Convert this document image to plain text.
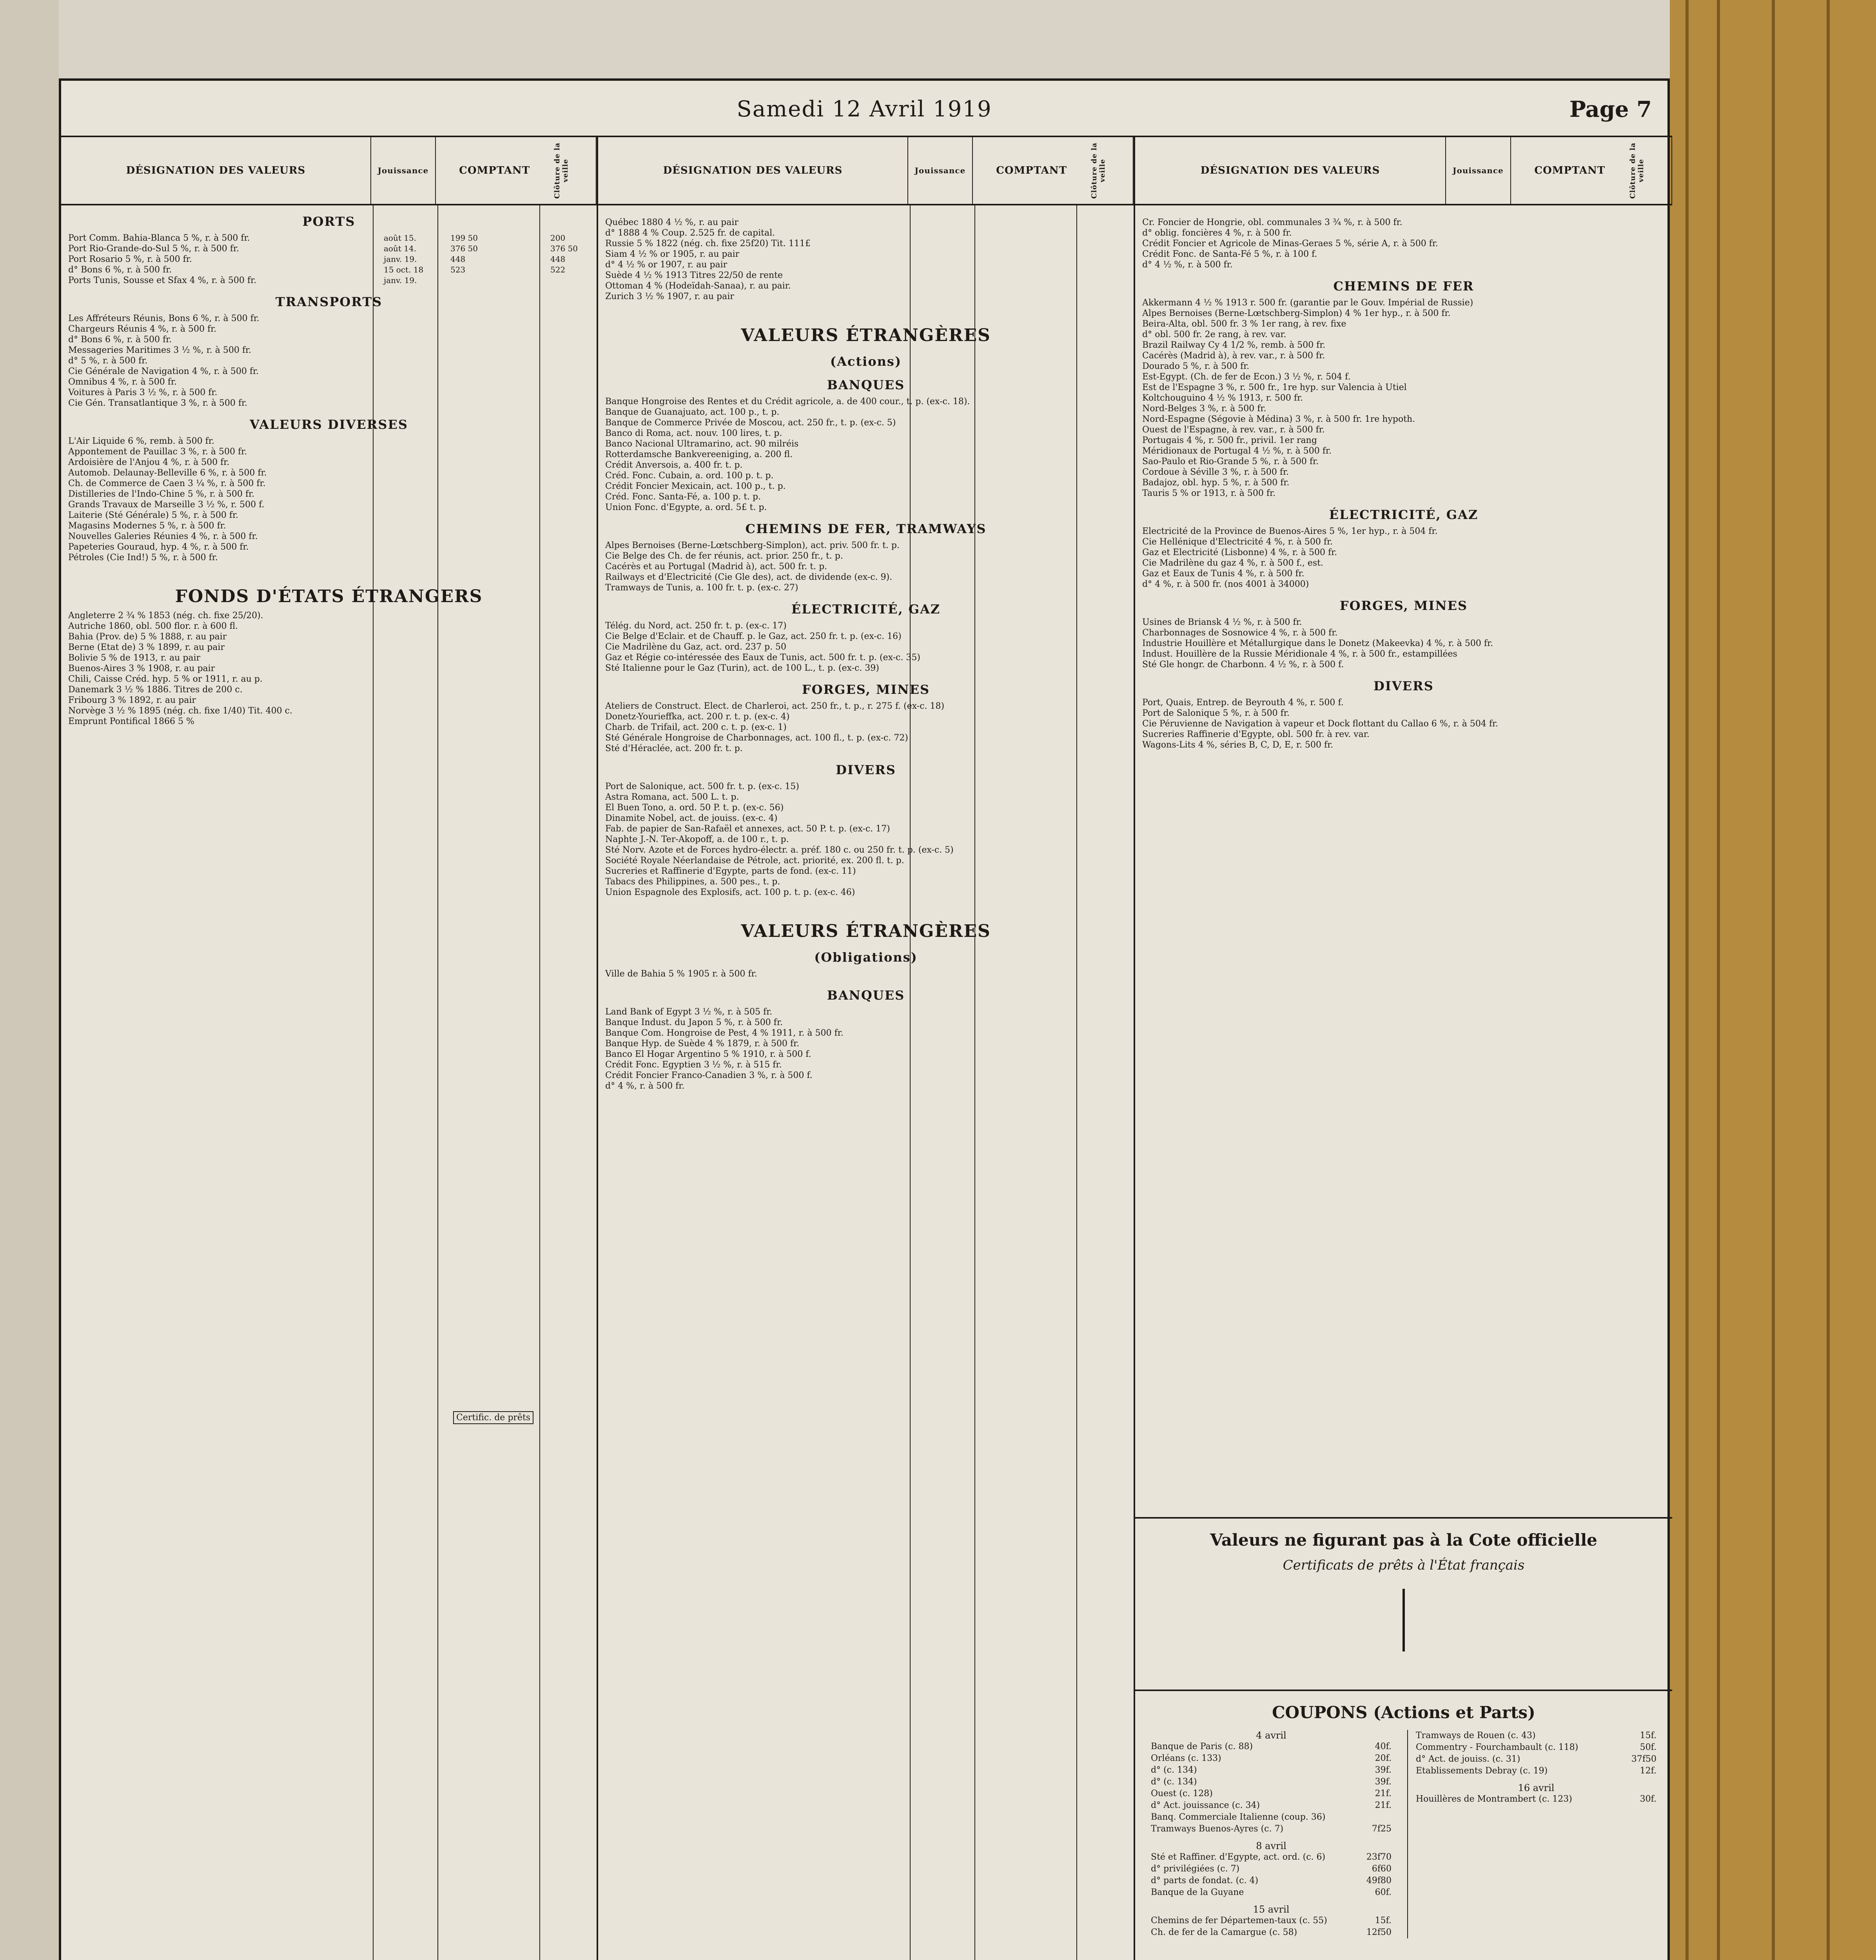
Samedi 12 Avril 1919	Page 7
DÉSIGNATION DES VALEURS	Jouissance	COMPTANT	Clôture de la veille
PORTS
Port Comm. Bahia-Blanca 5 %, r. à 500 fr.	août 15.	199 50	200
Port Rio-Grande-do-Sul 5 %, r. à 500 fr.	août 14.	376 50	376 50
Port Rosario 5 %, r. à 500 fr.	janv. 19.	448	448
d° Bons 6 %, r. à 500 fr.	15 oct. 18	523	522
Ports Tunis, Sousse et Sfax 4 %, r. à 500 fr.	janv. 19.
TRANSPORTS
Les Affréteurs Réunis, Bons 6 %, r. à 500 fr.
Chargeurs Réunis 4 %, r. à 500 fr.
d° Bons 6 %, r. à 500 fr.
Messageries Maritimes 3 ½ %, r. à 500 fr.
d° 5 %, r. à 500 fr.
Cie Générale de Navigation 4 %, r. à 500 fr.
Omnibus 4 %, r. à 500 fr.
Voitures à Paris 3 ½ %, r. à 500 fr.
Cie Gén. Transatlantique 3 %, r. à 500 fr.
VALEURS DIVERSES
L'Air Liquide 6 %, remb. à 500 fr.
Appontement de Pauillac 3 %, r. à 500 fr.
Ardoisière de l'Anjou 4 %, r. à 500 fr.
Automob. Delaunay-Belleville 6 %, r. à 500 fr.
Ch. de Commerce de Caen 3 ¼ %, r. à 500 fr.
Distilleries de l'Indo-Chine 5 %, r. à 500 fr.
Grands Travaux de Marseille 3 ½ %, r. 500 f.
Laiterie (Sté Générale) 5 %, r. à 500 fr.
Magasins Modernes 5 %, r. à 500 fr.
Nouvelles Galeries Réunies 4 %, r. à 500 fr.
Papeteries Gouraud, hyp. 4 %, r. à 500 fr.
Pétroles (Cie Ind!) 5 %, r. à 500 fr.
FONDS D'ÉTATS ÉTRANGERS
Angleterre 2 ¾ % 1853 (nég. ch. fixe 25/20).
Autriche 1860, obl. 500 flor. r. à 600 fl.
Bahia (Prov. de) 5 % 1888, r. au pair
Berne (Etat de) 3 % 1899, r. au pair
Bolivie 5 % de 1913, r. au pair
Buenos-Aires 3 % 1908, r. au pair
Chili, Caisse Créd. hyp. 5 % or 1911, r. au p.
Danemark 3 ½ % 1886. Titres de 200 c.
Fribourg 3 % 1892, r. au pair
Norvège 3 ½ % 1895 (nég. ch. fixe 1/40) Tit. 400 c.
Emprunt Pontifical 1866 5 %
Certific. de prêts
DÉSIGNATION DES VALEURS	Jouissance	COMPTANT	Clôture de la veille
Québec 1880 4 ½ %, r. au pair
d° 1888 4 % Coup. 2.525 fr. de capital.
Russie 5 % 1822 (nég. ch. fixe 25f20) Tit. 111£
Siam 4 ½ % or 1905, r. au pair
d° 4 ½ % or 1907, r. au pair
Suède 4 ½ % 1913 Titres 22/50 de rente
Ottoman 4 % (Hodeïdah-Sanaa), r. au pair.
Zurich 3 ½ % 1907, r. au pair
VALEURS ÉTRANGÈRES
(Actions)
BANQUES
Banque Hongroise des Rentes et du Crédit agricole, a. de 400 cour., t. p. (ex-c. 18).
Banque de Guanajuato, act. 100 p., t. p.
Banque de Commerce Privée de Moscou, act. 250 fr., t. p. (ex-c. 5)
Banco di Roma, act. nouv. 100 lires, t. p.
Banco Nacional Ultramarino, act. 90 milréis
Rotterdamsche Bankvereeniging, a. 200 fl.
Crédit Anversois, a. 400 fr. t. p.
Créd. Fonc. Cubain, a. ord. 100 p. t. p.
Crédit Foncier Mexicain, act. 100 p., t. p.
Créd. Fonc. Santa-Fé, a. 100 p. t. p.
Union Fonc. d'Egypte, a. ord. 5£ t. p.
CHEMINS DE FER, TRAMWAYS
Alpes Bernoises (Berne-Lœtschberg-Simplon), act. priv. 500 fr. t. p.
Cie Belge des Ch. de fer réunis, act. prior. 250 fr., t. p.
Cacérès et au Portugal (Madrid à), act. 500 fr. t. p.
Railways et d'Electricité (Cie Gle des), act. de dividende (ex-c. 9).
Tramways de Tunis, a. 100 fr. t. p. (ex-c. 27)
ÉLECTRICITÉ, GAZ
Télég. du Nord, act. 250 fr. t. p. (ex-c. 17)
Cie Belge d'Eclair. et de Chauff. p. le Gaz, act. 250 fr. t. p. (ex-c. 16)
Cie Madrilène du Gaz, act. ord. 237 p. 50
Gaz et Régie co-intéressée des Eaux de Tunis, act. 500 fr. t. p. (ex-c. 35)
Sté Italienne pour le Gaz (Turin), act. de 100 L., t. p. (ex-c. 39)
FORGES, MINES
Ateliers de Construct. Elect. de Charleroi, act. 250 fr., t. p., r. 275 f. (ex-c. 18)
Donetz-Yourieffka, act. 200 r. t. p. (ex-c. 4)
Charb. de Trifail, act. 200 c. t. p. (ex-c. 1)
Sté Générale Hongroise de Charbonnages, act. 100 fl., t. p. (ex-c. 72)
Sté d'Héraclée, act. 200 fr. t. p.
DIVERS
Port de Salonique, act. 500 fr. t. p. (ex-c. 15)
Astra Romana, act. 500 L. t. p.
El Buen Tono, a. ord. 50 P. t. p. (ex-c. 56)
Dinamite Nobel, act. de jouiss. (ex-c. 4)
Fab. de papier de San-Rafaël et annexes, act. 50 P. t. p. (ex-c. 17)
Naphte J.-N. Ter-Akopoff, a. de 100 r., t. p.
Sté Norv. Azote et de Forces hydro-électr. a. préf. 180 c. ou 250 fr. t. p. (ex-c. 5)
Société Royale Néerlandaise de Pétrole, act. priorité, ex. 200 fl. t. p.
Sucreries et Raffinerie d'Egypte, parts de fond. (ex-c. 11)
Tabacs des Philippines, a. 500 pes., t. p.
Union Espagnole des Explosifs, act. 100 p. t. p. (ex-c. 46)
VALEURS ÉTRANGÈRES
(Obligations)
Ville de Bahia 5 % 1905 r. à 500 fr.
BANQUES
Land Bank of Egypt 3 ½ %, r. à 505 fr.
Banque Indust. du Japon 5 %, r. à 500 fr.
Banque Com. Hongroise de Pest, 4 % 1911, r. à 500 fr.
Banque Hyp. de Suède 4 % 1879, r. à 500 fr.
Banco El Hogar Argentino 5 % 1910, r. à 500 f.
Crédit Fonc. Egyptien 3 ½ %, r. à 515 fr.
Crédit Foncier Franco-Canadien 3 %, r. à 500 f.
d° 4 %, r. à 500 fr.
DÉSIGNATION DES VALEURS	Jouissance	COMPTANT	Clôture de la veille
Cr. Foncier de Hongrie, obl. communales 3 ¾ %, r. à 500 fr.
d° oblig. foncières 4 %, r. à 500 fr.
Crédit Foncier et Agricole de Minas-Geraes 5 %, série A, r. à 500 fr.
Crédit Fonc. de Santa-Fé 5 %, r. à 100 f.
d° 4 ½ %, r. à 500 fr.
CHEMINS DE FER
Akkermann 4 ½ % 1913 r. 500 fr. (garantie par le Gouv. Impérial de Russie)
Alpes Bernoises (Berne-Lœtschberg-Simplon) 4 % 1er hyp., r. à 500 fr.
Beira-Alta, obl. 500 fr. 3 % 1er rang, à rev. fixe
d° obl. 500 fr. 2e rang, à rev. var.
Brazil Railway Cy 4 1/2 %, remb. à 500 fr.
Cacérès (Madrid à), à rev. var., r. à 500 fr.
Dourado 5 %, r. à 500 fr.
Est-Egypt. (Ch. de fer de Econ.) 3 ½ %, r. 504 f.
Est de l'Espagne 3 %, r. 500 fr., 1re hyp. sur Valencia à Utiel
Koltchouguino 4 ½ % 1913, r. 500 fr.
Nord-Belges 3 %, r. à 500 fr.
Nord-Espagne (Ségovie à Médina) 3 %, r. à 500 fr. 1re hypoth.
Ouest de l'Espagne, à rev. var., r. à 500 fr.
Portugais 4 %, r. 500 fr., privil. 1er rang
Méridionaux de Portugal 4 ½ %, r. à 500 fr.
Sao-Paulo et Rio-Grande 5 %, r. à 500 fr.
Cordoue à Séville 3 %, r. à 500 fr.
Badajoz, obl. hyp. 5 %, r. à 500 fr.
Tauris 5 % or 1913, r. à 500 fr.
ÉLECTRICITÉ, GAZ
Electricité de la Province de Buenos-Aires 5 %, 1er hyp., r. à 504 fr.
Cie Hellénique d'Electricité 4 %, r. à 500 fr.
Gaz et Electricité (Lisbonne) 4 %, r. à 500 fr.
Cie Madrilène du gaz 4 %, r. à 500 f., est.
Gaz et Eaux de Tunis 4 %, r. à 500 fr.
d° 4 %, r. à 500 fr. (nos 4001 à 34000)
FORGES, MINES
Usines de Briansk 4 ½ %, r. à 500 fr.
Charbonnages de Sosnowice 4 %, r. à 500 fr.
Industrie Houillère et Métallurgique dans le Donetz (Makeevka) 4 %, r. à 500 fr.
Indust. Houillère de la Russie Méridionale 4 %, r. à 500 fr., estampillées
Sté Gle hongr. de Charbonn. 4 ½ %, r. à 500 f.
DIVERS
Port, Quais, Entrep. de Beyrouth 4 %, r. 500 f.
Port de Salonique 5 %, r. à 500 fr.
Cie Péruvienne de Navigation à vapeur et Dock flottant du Callao 6 %, r. à 504 fr.
Sucreries Raffinerie d'Egypte, obl. 500 fr. à rev. var.
Wagons-Lits 4 %, séries B, C, D, E, r. 500 fr.
Valeurs ne figurant pas à la Cote officielle
Certificats de prêts à l'État français
COUPONS (Actions et Parts)
4 avril
Banque de Paris (c. 88)	40f.
Orléans (c. 133)	20f.
d° (c. 134)	39f.
d° (c. 134)	39f.
Ouest (c. 128)	21f.
d° Act. jouissance (c. 34)	21f.
Banq. Commerciale Italienne (coup. 36)
Tramways Buenos-Ayres (c. 7)	7f25
8 avril
Sté et Raffiner. d'Egypte, act. ord. (c. 6)	23f70
d° privilégiées (c. 7)	6f60
d° parts de fondat. (c. 4)	49f80
Banque de la Guyane	60f.
15 avril
Chemins de fer Départemen-taux (c. 55)	15f.
Ch. de fer de la Camargue (c. 58)	12f50
Tramways de Rouen (c. 43)	15f.
Commentry - Fourchambault (c. 118)	50f.
d° Act. de jouiss. (c. 31)	37f50
Etablissements Debray (c. 19)	12f.
16 avril
Houillères de Montrambert (c. 123)	30f.
